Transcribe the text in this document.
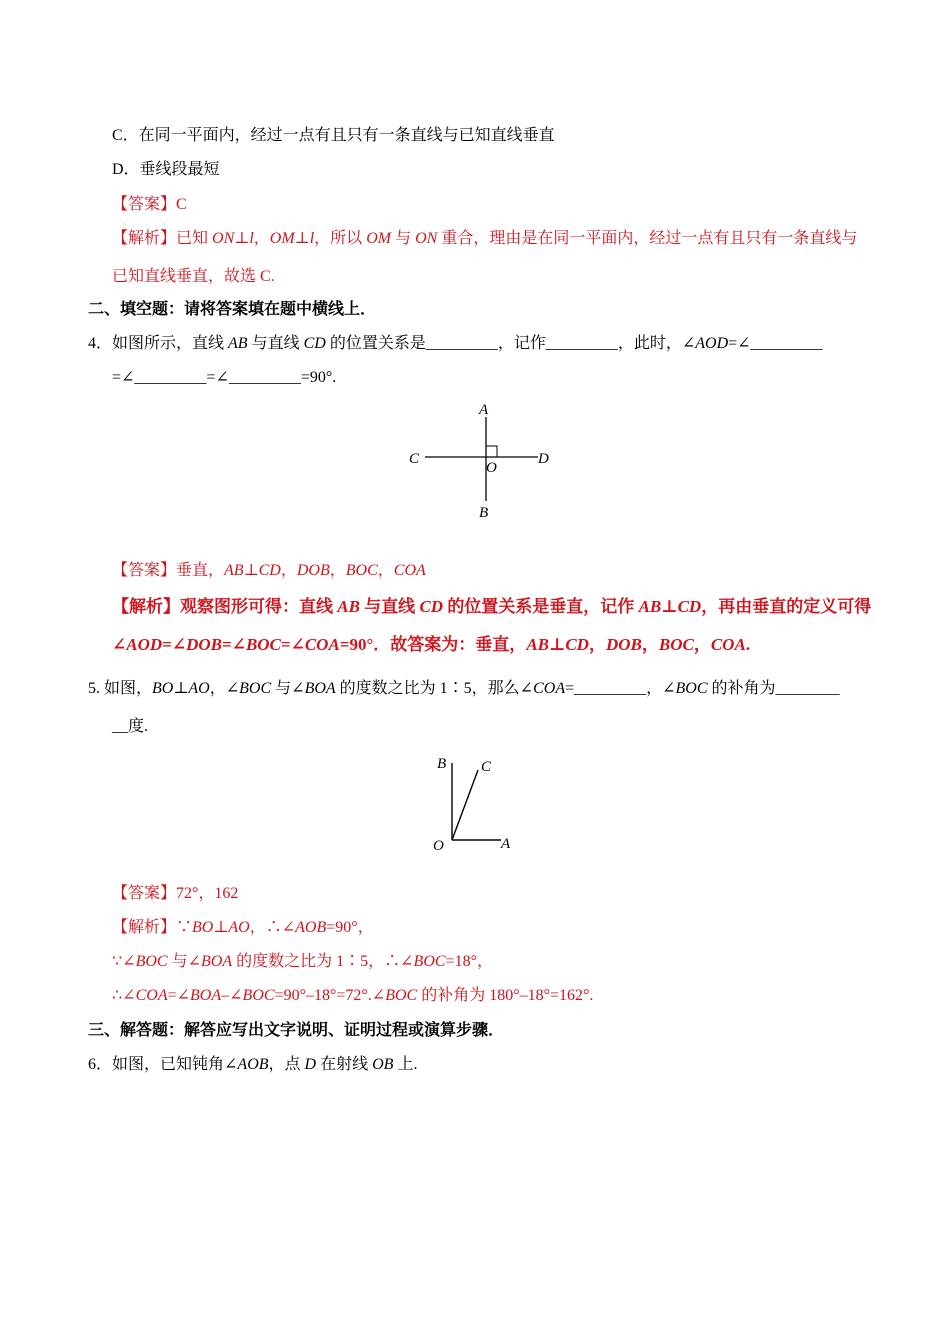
C．在同一平面内，经过一点有且只有一条直线与已知直线垂直
D．垂线段最短
【答案】C
【解析】已知 ON⊥l，OM⊥l，所以 OM 与 ON 重合，理由是在同一平面内，经过一点有且只有一条直线与
已知直线垂直，故选 C.
二、填空题：请将答案填在题中横线上．
4．如图所示，直线 AB 与直线 CD 的位置关系是_________，记作_________，此时，∠AOD=∠_________
=∠_________=∠_________=90°.
A
B
C	D
O
【答案】垂直，AB⊥CD，DOB，BOC，COA
【解析】观察图形可得：直线 AB 与直线 CD 的位置关系是垂直，记作 AB⊥CD，再由垂直的定义可得
∠AOD=∠DOB=∠BOC=∠COA=90°．故答案为：垂直，AB⊥CD，DOB，BOC，COA.
5. 如图，BO⊥AO，∠BOC 与∠BOA 的度数之比为 1∶5，那么∠COA=_________，∠BOC 的补角为________
__度.
B C
O	A
【答案】72°，162
【解析】∵BO⊥AO，∴∠AOB=90°，
∵∠BOC 与∠BOA 的度数之比为 1∶5，∴∠BOC=18°，
∴∠COA=∠BOA–∠BOC=90°–18°=72°.∠BOC 的补角为 180°–18°=162°.
三、解答题：解答应写出文字说明、证明过程或演算步骤．
6．如图，已知钝角∠AOB，点 D 在射线 OB 上.
